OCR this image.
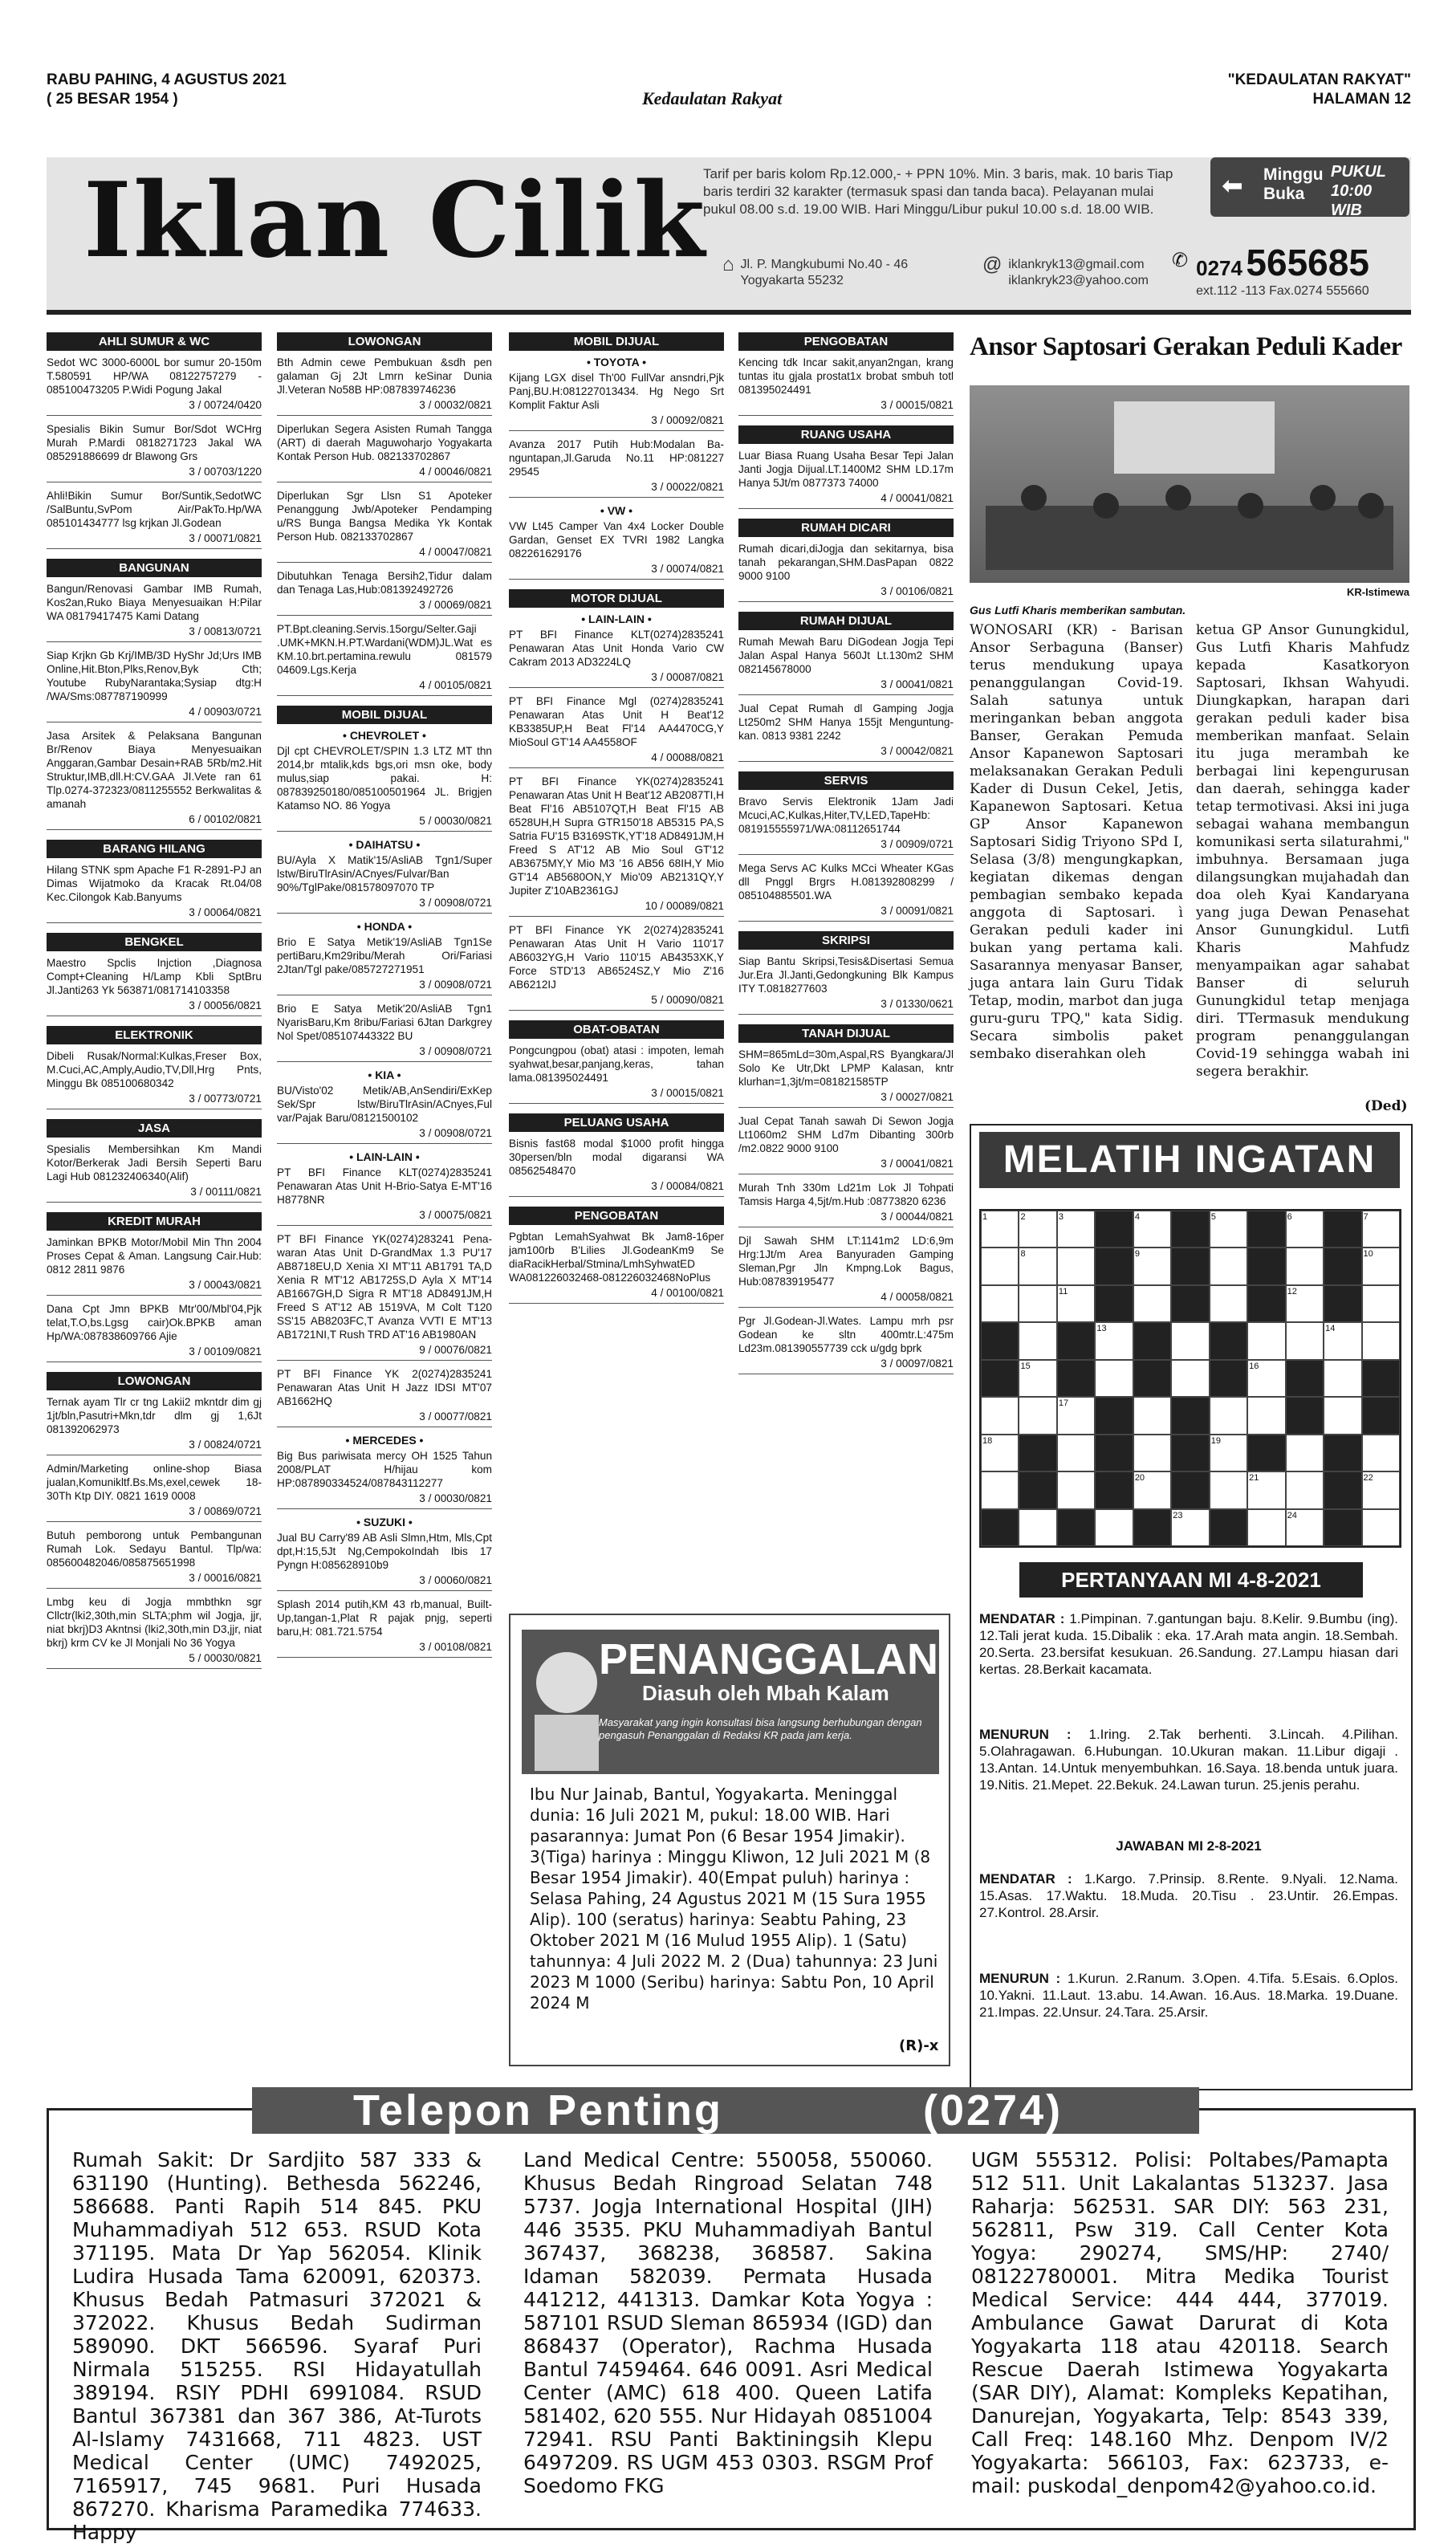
RABU PAHING, 4 AGUSTUS 2021
( 25 BESAR 1954 )	Kedaulatan Rakyat
"KEDAULATAN RAKYAT"
HALAMAN 12
Iklan Cilik
Tarif per baris kolom Rp.12.000,- + PPN 10%. Min. 3 baris, mak. 10 baris Tiap baris terdiri 32 karakter (termasuk spasi dan tanda baca). Pelayanan mulai pukul 08.00 s.d. 19.00 WIB. Hari Minggu/Libur pukul 10.00 s.d. 18.00 WIB.
⬅ Minggu Buka
PUKUL 10:00 WIB
⌂ Jl. P. Mangkubumi No.40 - 46 Yogyakarta 55232
@ iklankryk13@gmail.com
iklankryk23@yahoo.com
✆ 0274 565685
ext.112 -113 Fax.0274 555660
AHLI SUMUR & WC
Sedot WC 3000-6000L bor sumur 20-150m T.580591 HP/WA 08122757279 - 085100473205 P.Widi Pogung Jakal
3 / 00724/0420
Spesialis Bikin Sumur Bor/Sdot WCHrg Murah P.Mardi 0818271723 Jakal WA 085291886699 dr Blawong Grs
3 / 00703/1220
Ahli!Bikin Sumur Bor/Suntik,SedotWC /SalBuntu,SvPom Air/PakTo.Hp/WA 085101434777 lsg krjkan Jl.Godean
3 / 00071/0821
BANGUNAN
Bangun/Renovasi Gambar IMB Rumah, Kos2an,Ruko Biaya Menyesuaikan H:Pilar WA 08179417475 Kami Datang
3 / 00813/0721
Siap Krjkn Gb Krj/IMB/3D HyShr Jd;Urs IMB Online,Hit.Bton,Plks,Renov,Byk Cth; Youtube RubyNarantaka;Sysiap dtg:H /WA/Sms:087787190999
4 / 00903/0721
Jasa Arsitek & Pelaksana Bangunan Br/Renov Biaya Menyesuaikan Anggaran,Gambar Desain+RAB 5Rb/m2.Hit Struktur,IMB,dll.H:CV.GAA JI.Vete ran 61 Tlp.0274-372323/0811255552 Berkwalitas & amanah
6 / 00102/0821
BARANG HILANG
Hilang STNK spm Apache F1 R-2891-PJ an Dimas Wijatmoko da Kracak Rt.04/08 Kec.Cilongok Kab.Banyums
3 / 00064/0821
BENGKEL
Maestro Spclis Injction ,Diagnosa Compt+Cleaning H/Lamp Kbli SptBru Jl.Janti263 Yk 563871/081714103358
3 / 00056/0821
ELEKTRONIK
Dibeli Rusak/Normal:Kulkas,Freser Box, M.Cuci,AC,Amply,Audio,TV,Dll,Hrg Pnts, Minggu Bk 085100680342
3 / 00773/0721
JASA
Spesialis Membersihkan Km Mandi Kotor/Berkerak Jadi Bersih Seperti Baru Lagi Hub 081232406340(Alif)
3 / 00111/0821
KREDIT MURAH
Jaminkan BPKB Motor/Mobil Min Thn 2004 Proses Cepat & Aman. Langsung Cair.Hub: 0812 2811 9876
3 / 00043/0821
Dana Cpt Jmn BPKB Mtr'00/Mbl'04,Pjk telat,T.O,bs.Lgsg cair)Ok.BPKB aman Hp/WA:087838609766 Ajie
3 / 00109/0821
LOWONGAN
Ternak ayam Tlr cr tng Lakii2 mkntdr dim gj 1jt/bln,Pasutri+Mkn,tdr dlm gj 1,6Jt 081392062973
3 / 00824/0721
Admin/Marketing online-shop Biasa jualan,Komunikltf.Bs.Ms,exel,cewek 18-30Th Ktp DIY. 0821 1619 0008
3 / 00869/0721
Butuh pemborong untuk Pembangunan Rumah Lok. Sedayu Bantul. Tlp/wa: 085600482046/085875651998
3 / 00016/0821
Lmbg keu di Jogja mmbthkn sgr Cllctr(lki2,30th,min SLTA;phm wil Jogja, jjr, niat bkrj)D3 Akntnsi (lki2,30th,min D3,jjr, niat bkrj) krm CV ke Jl Monjali No 36 Yogya
5 / 00030/0821
LOWONGAN
Bth Admin cewe Pembukuan &sdh pen galaman Gj 2Jt Lmrn keSinar Dunia Jl.Veteran No58B HP:087839746236
3 / 00032/0821
Diperlukan Segera Asisten Rumah Tangga (ART) di daerah Maguwoharjo Yogyakarta Kontak Person Hub. 082133702867
4 / 00046/0821
Diperlukan Sgr Llsn S1 Apoteker Penanggung Jwb/Apoteker Pendamping u/RS Bunga Bangsa Medika Yk Kontak Person Hub. 082133702867
4 / 00047/0821
Dibutuhkan Tenaga Bersih2,Tidur dalam dan Tenaga Las,Hub:081392492726
3 / 00069/0821
PT.Bpt.cleaning.Servis.15orgu/Selter.Gaji .UMK+MKN.H.PT.Wardani(WDM)JL.Wat es KM.10.brt.pertamina.rewulu 081579 04609.Lgs.Kerja
4 / 00105/0821
MOBIL DIJUAL
• CHEVROLET •
Djl cpt CHEVROLET/SPIN 1.3 LTZ MT thn 2014,br mtalik,kds bgs,ori msn oke, body mulus,siap pakai. H: 087839250180/085100501964 JL. Brigjen Katamso NO. 86 Yogya
5 / 00030/0821
• DAIHATSU •
BU/Ayla X Matik'15/AsliAB Tgn1/Super lstw/BiruTlrAsin/ACnyes/Fulvar/Ban 90%/TglPake/081578097070 TP
3 / 00908/0721
• HONDA •
Brio E Satya Metik'19/AsliAB Tgn1Se pertiBaru,Km29ribu/Merah Ori/Fariasi 2Jtan/Tgl pake/085727271951
3 / 00908/0721
Brio E Satya Metik'20/AsliAB Tgn1 NyarisBaru,Km 8ribu/Fariasi 6Jtan Darkgrey Nol Spet/085107443322 BU
3 / 00908/0721
• KIA •
BU/Visto'02 Metik/AB,AnSendiri/ExKep Sek/Spr lstw/BiruTlrAsin/ACnyes,Ful var/Pajak Baru/08121500102
3 / 00908/0721
• LAIN-LAIN •
PT BFI Finance KLT(0274)2835241 Penawaran Atas Unit H-Brio-Satya E-MT'16 H8778NR
3 / 00075/0821
PT BFI Finance YK(0274)283241 Pena-waran Atas Unit D-GrandMax 1.3 PU'17 AB8718EU,D Xenia XI MT'11 AB1791 TA,D Xenia R MT'12 AB1725S,D Ayla X MT'14 AB1667GH,D Sigra R MT'18 AD8491JM,H Freed S AT'12 AB 1519VA, M Colt T120 SS'15 AB8203FC,T Avanza VVTI E MT'13 AB1721NI,T Rush TRD AT'16 AB1980AN
9 / 00076/0821
PT BFI Finance YK 2(0274)2835241 Penawaran Atas Unit H Jazz IDSI MT'07 AB1662HQ
3 / 00077/0821
• MERCEDES •
Big Bus pariwisata mercy OH 1525 Tahun 2008/PLAT H/hijau kom HP:087890334524/087843112277
3 / 00030/0821
• SUZUKI •
Jual BU Carry'89 AB Asli Slmn,Htm, Mls,Cpt dpt,H:15,5Jt Ng,CempokoIndah Ibis 17 Pyngn H:085628910b9
3 / 00060/0821
Splash 2014 putih,KM 43 rb,manual, Built-Up,tangan-1,Plat R pajak pnjg, seperti baru,H: 081.721.5754
3 / 00108/0821
MOBIL DIJUAL
• TOYOTA •
Kijang LGX disel Th'00 FullVar ansndri,Pjk Panj,BU.H:081227013434. Hg Nego Srt Komplit Faktur Asli
3 / 00092/0821
Avanza 2017 Putih Hub:Modalan Ba-nguntapan,Jl.Garuda No.11 HP:081227 29545
3 / 00022/0821
• VW •
VW Lt45 Camper Van 4x4 Locker Double Gardan, Genset EX TVRI 1982 Langka 082261629176
3 / 00074/0821
MOTOR DIJUAL
• LAIN-LAIN •
PT BFI Finance KLT(0274)2835241 Penawaran Atas Unit Honda Vario CW Cakram 2013 AD3224LQ
3 / 00087/0821
PT BFI Finance Mgl (0274)2835241 Penawaran Atas Unit H Beat'12 KB3385UP,H Beat Fl'14 AA4470CG,Y MioSoul GT'14 AA4558OF
4 / 00088/0821
PT BFI Finance YK(0274)2835241 Penawaran Atas Unit H Beat'12 AB2087TI,H Beat Fl'16 AB5107QT,H Beat Fl'15 AB 6528UH,H Supra GTR150'18 AB5315 PA,S Satria FU'15 B3169STK,YT'18 AD8491JM,H Freed S AT'12 AB Mio Soul GT'12 AB3675MY,Y Mio M3 '16 AB56 68IH,Y Mio GT'14 AB5680ON,Y Mio'09 AB2131QY,Y Jupiter Z'10AB2361GJ
10 / 00089/0821
PT BFI Finance YK 2(0274)2835241 Penawaran Atas Unit H Vario 110'17 AB6032YG,H Vario 110'15 AB4353XK,Y Force STD'13 AB6524SZ,Y Mio Z'16 AB6212IJ
5 / 00090/0821
OBAT-OBATAN
Pongcungpou (obat) atasi : impoten, lemah syahwat,besar,panjang,keras, tahan lama.081395024491
3 / 00015/0821
PELUANG USAHA
Bisnis fast68 modal $1000 profit hingga 30persen/bln modal digaransi WA 08562548470
3 / 00084/0821
PENGOBATAN
Pgbtan LemahSyahwat Bk Jam8-16per jam100rb B'Lilies Jl.GodeanKm9 Se diaRacikHerbal/Stmina/LmhSyhwatED WA081226032468-081226032468NoPlus
4 / 00100/0821
PENGOBATAN
Kencing tdk Incar sakit,anyan2ngan, krang tuntas itu gjala prostat1x brobat smbuh totl 081395024491
3 / 00015/0821
RUANG USAHA
Luar Biasa Ruang Usaha Besar Tepi Jalan Janti Jogja Dijual.LT.1400M2 SHM LD.17m Hanya 5Jt/m 0877373 74000
4 / 00041/0821
RUMAH DICARI
Rumah dicari,diJogja dan sekitarnya, bisa tanah pekarangan,SHM.DasPapan 0822 9000 9100
3 / 00106/0821
RUMAH DIJUAL
Rumah Mewah Baru DiGodean Jogja Tepi Jalan Aspal Hanya 560Jt Lt.130m2 SHM 082145678000
3 / 00041/0821
Jual Cepat Rumah dl Gamping Jogja Lt250m2 SHM Hanya 155jt Menguntung-kan. 0813 9381 2242
3 / 00042/0821
SERVIS
Bravo Servis Elektronik 1Jam Jadi Mcuci,AC,Kulkas,Hiter,TV,LED,TapeHb: 081915555971/WA:08112651744
3 / 00909/0721
Mega Servs AC Kulks MCci Wheater KGas dll Pnggl Brgrs H.081392808299 / 085104885501.WA
3 / 00091/0821
SKRIPSI
Siap Bantu Skripsi,Tesis&Disertasi Semua Jur.Era Jl.Janti,Gedongkuning Blk Kampus ITY T.0818277603
3 / 01330/0621
TANAH DIJUAL
SHM=865mLd=30m,Aspal,RS Byangkara/Jl Solo Ke Utr,Dkt LPMP Kalasan, kntr klurhan=1,3jt/m=081821585TP
3 / 00027/0821
Jual Cepat Tanah sawah Di Sewon Jogja Lt1060m2 SHM Ld7m Dibanting 300rb /m2.0822 9000 9100
3 / 00041/0821
Murah Tnh 330m Ld21m Lok Jl Tohpati Tamsis Harga 4,5jt/m.Hub :08773820 6236
3 / 00044/0821
Djl Sawah SHM LT:1141m2 LD:6,9m Hrg:1Jt/m Area Banyuraden Gamping Sleman,Pgr Jln Kmpng.Lok Bagus, Hub:087839195477
4 / 00058/0821
Pgr Jl.Godean-Jl.Wates. Lampu mrh psr Godean ke sltn 400mtr.L:475m Ld23m.081390557739 cck u/gdg bprk
3 / 00097/0821
Ansor Saptosari Gerakan Peduli Kader
KR-Istimewa
Gus Lutfi Kharis memberikan sambutan.
WONOSARI (KR) - Barisan Ansor Serbaguna (Banser) terus mendukung upaya penanggulangan Covid-19. Salah satunya untuk meringankan beban anggota Banser, Gerakan Pemuda Ansor Kapanewon Saptosari melaksanakan Gerakan Peduli Kader di Dusun Cekel, Jetis, Kapanewon Saptosari. Ketua GP Ansor Kapanewon Saptosari Sidig Triyono SPd I, Selasa (3/8) mengungkapkan, kegiatan dikemas dengan pembagian sembako kepada anggota di Saptosari. ì Gerakan peduli kader ini bukan yang pertama kali. Sasarannya menyasar Banser, juga antara lain Guru Tidak Tetap, modin, marbot dan juga guru-guru TPQ," kata Sidig. Secara simbolis paket sembako diserahkan oleh
ketua GP Ansor Gunungkidul, Gus Lutfi Kharis Mahfudz kepada Kasatkoryon Saptosari, Ikhsan Wahyudi. Diungkapkan, harapan dari gerakan peduli kader bisa memberikan manfaat. Selain itu juga merambah ke berbagai lini kepengurusan dan daerah, sehingga kader tetap termotivasi. Aksi ini juga sebagai wahana membangun komunikasi serta silaturahmi," imbuhnya. Bersamaan juga dilangsungkan mujahadah dan doa oleh Kyai Kandaryana yang juga Dewan Penasehat Ansor Gunungkidul. Lutfi Kharis Mahfudz menyampaikan agar sahabat Banser di seluruh Gunungkidul tetap menjaga diri. TTermasuk mendukung program penanggulangan Covid-19 sehingga wabah ini segera berakhir.
(Ded)
MELATIH INGATAN
1	2	3	4	5	6	7
8	9	10
11	12
13	14
15	16
17
18	19
20	21	22
23	24
PERTANYAAN MI 4-8-2021
MENDATAR : 1.Pimpinan. 7.gantungan baju. 8.Kelir. 9.Bumbu (ing). 12.Tali jerat kuda. 15.Dibalik : eka. 17.Arah mata angin. 18.Sembah. 20.Serta. 23.bersifat kesukuan. 26.Sandung. 27.Lampu hiasan dari kertas. 28.Berkait kacamata.
MENURUN : 1.Iring. 2.Tak berhenti. 3.Lincah. 4.Pilihan. 5.Olahragawan. 6.Hubungan. 10.Ukuran makan. 11.Libur digaji . 13.Antan. 14.Untuk menyembuhkan. 16.Saya. 18.benda untuk juara. 19.Nitis. 21.Mepet. 22.Bekuk. 24.Lawan turun. 25.jenis perahu.
JAWABAN MI 2-8-2021
MENDATAR : 1.Kargo. 7.Prinsip. 8.Rente. 9.Nyali. 12.Nama. 15.Asas. 17.Waktu. 18.Muda. 20.Tisu . 23.Untir. 26.Empas. 27.Kontrol. 28.Arsir.
MENURUN : 1.Kurun. 2.Ranum. 3.Open. 4.Tifa. 5.Esais. 6.Oplos. 10.Yakni. 11.Laut. 13.abu. 14.Awan. 16.Aus. 18.Marka. 19.Duane. 21.Impas. 22.Unsur. 24.Tara. 25.Arsir.
PENANGGALAN
Diasuh oleh Mbah Kalam
Masyarakat yang ingin konsultasi bisa langsung berhubungan dengan pengasuh Penanggalan di Redaksi KR pada jam kerja.
Ibu Nur Jainab, Bantul, Yogyakarta. Meninggal dunia: 16 Juli 2021 M, pukul: 18.00 WIB. Hari pasarannya: Jumat Pon (6 Besar 1954 Jimakir). 3(Tiga) harinya : Minggu Kliwon, 12 Juli 2021 M (8 Besar 1954 Jimakir). 40(Empat puluh) harinya : Selasa Pahing, 24 Agustus 2021 M (15 Sura 1955 Alip). 100 (seratus) harinya: Seabtu Pahing, 23 Oktober 2021 M (16 Mulud 1955 Alip). 1 (Satu) tahunnya: 4 Juli 2022 M. 2 (Dua) tahunnya: 23 Juni 2023 M 1000 (Seribu) harinya: Sabtu Pon, 10 April 2024 M
(R)-x
Telepon Penting	(0274)
Rumah Sakit: Dr Sardjito 587 333 & 631190 (Hunting). Bethesda 562246, 586688. Panti Rapih 514 845. PKU Muhammadiyah 512 653. RSUD Kota 371195. Mata Dr Yap 562054. Klinik Ludira Husada Tama 620091, 620373. Khusus Bedah Patmasuri 372021 & 372022. Khusus Bedah Sudirman 589090. DKT 566596. Syaraf Puri Nirmala 515255. RSI Hidayatullah 389194. RSIY PDHI 6991084. RSUD Bantul 367381 dan 367 386, At-Turots Al-Islamy 7431668, 711 4823. UST Medical Center (UMC) 7492025, 7165917, 745 9681. Puri Husada 867270. Kharisma Paramedika 774633. Happy
Land Medical Centre: 550058, 550060. Khusus Bedah Ringroad Selatan 748 5737. Jogja International Hospital (JIH) 446 3535. PKU Muhammadiyah Bantul 367437, 368238, 368587. Sakina Idaman 582039. Permata Husada 441212, 441313. Damkar Kota Yogya : 587101 RSUD Sleman 865934 (IGD) dan 868437 (Operator), Rachma Husada Bantul 7459464. 646 0091. Asri Medical Center (AMC) 618 400. Queen Latifa 581402, 620 555. Nur Hidayah 0851004 72941. RSU Panti Baktiningsih Klepu 6497209. RS UGM 453 0303. RSGM Prof Soedomo FKG
UGM 555312. Polisi: Poltabes/Pamapta 512 511. Unit Lakalantas 513237. Jasa Raharja: 562531. SAR DIY: 563 231, 562811, Psw 319. Call Center Kota Yogya: 290274, SMS/HP: 2740/ 08122780001. Mitra Medika Tourist Medical Service: 444 444, 377019. Ambulance Gawat Darurat di Kota Yogyakarta 118 atau 420118. Search Rescue Daerah Istimewa Yogyakarta (SAR DIY), Alamat: Kompleks Kepatihan, Danurejan, Yogyakarta, Telp: 8543 339, Call Freq: 148.160 Mhz. Denpom IV/2 Yogyakarta: 566103, Fax: 623733, e-mail: puskodal_denpom42@yahoo.co.id.
